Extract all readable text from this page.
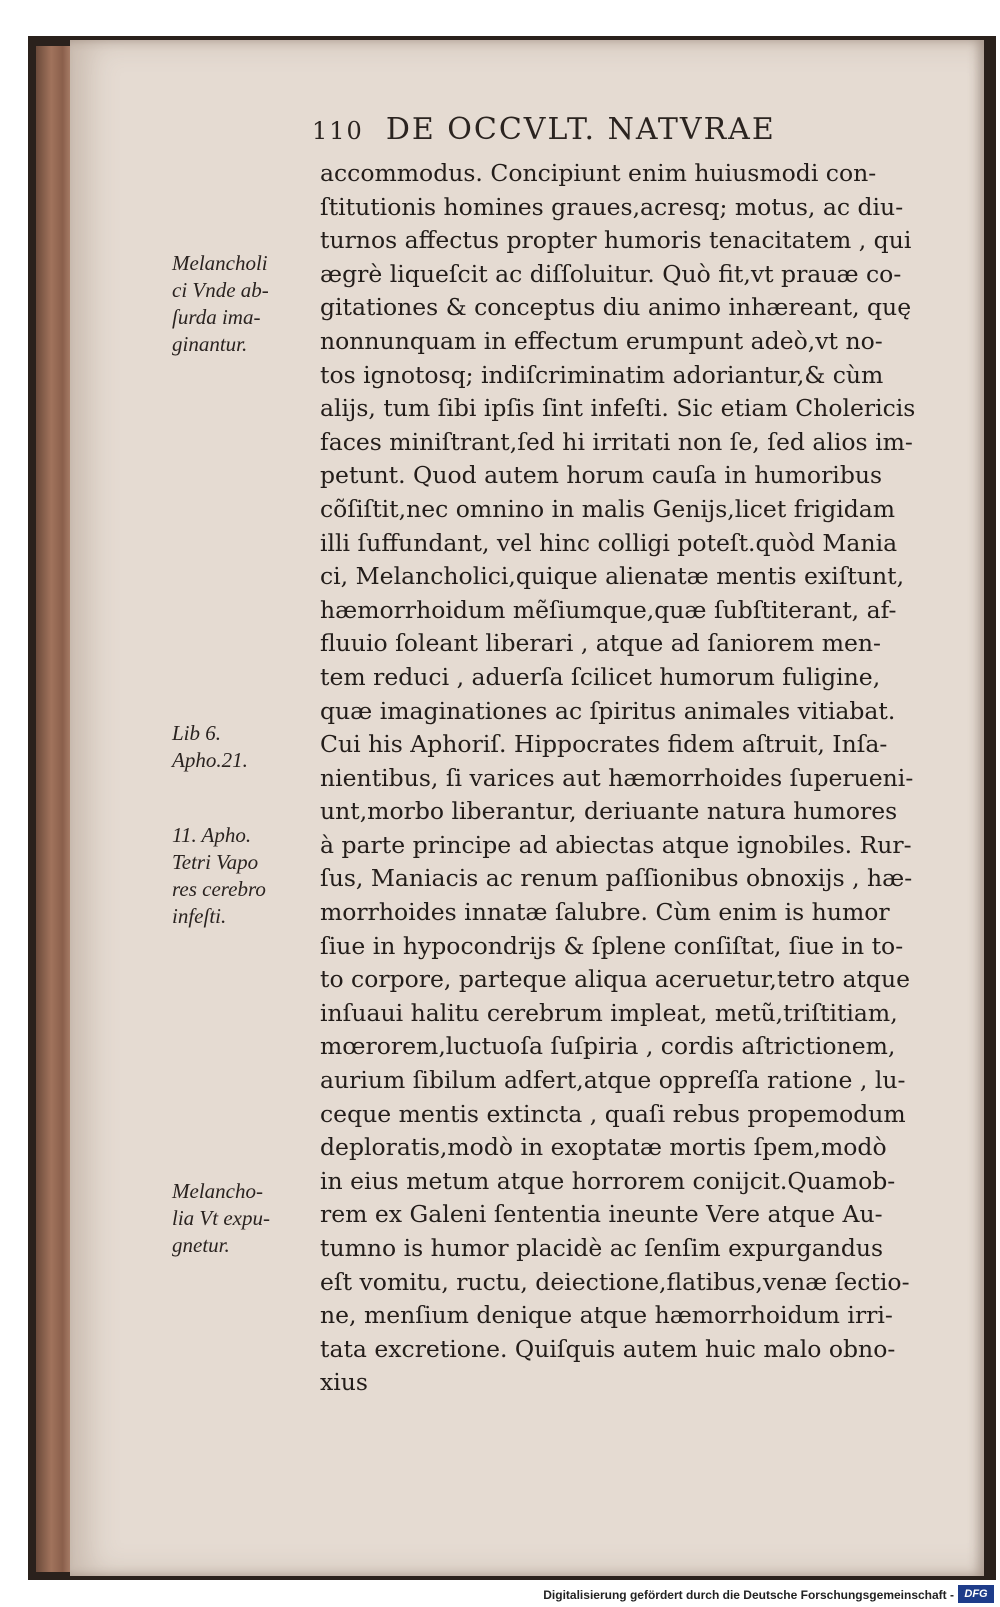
110 DE OCCVLT. NATVRAE
accommodus. Concipiunt enim huiusmodi con-
ſtitutionis homines graues,acresq; motus, ac diu-
turnos affectus propter humoris tenacitatem , qui
ægrè liqueſcit ac diſſoluitur. Quò fit,vt prauæ co-
gitationes & conceptus diu animo inhæreant, quę
nonnunquam in effectum erumpunt adeò,vt no-
tos ignotosq; indiſcriminatim adoriantur,& cùm
alijs, tum ſibi ipſis ſint infeſti. Sic etiam Cholericis
faces miniſtrant,ſed hi irritati non ſe, ſed alios im-
petunt. Quod autem horum cauſa in humoribus
cõſiſtit,nec omnino in malis Genijs,licet frigidam
illi ſuffundant, vel hinc colligi poteſt.quòd Mania
ci, Melancholici,quique alienatæ mentis exiſtunt,
hæmorrhoidum mẽſiumque,quæ ſubſtiterant, af-
fluuio ſoleant liberari , atque ad ſaniorem men-
tem reduci , aduerſa ſcilicet humorum fuligine,
quæ imaginationes ac ſpiritus animales vitiabat.
Cui his Aphoriſ. Hippocrates fidem aſtruit, Inſa-
nientibus, ſi varices aut hæmorrhoides ſuperueni-
unt,morbo liberantur, deriuante natura humores
à parte principe ad abiectas atque ignobiles. Rur-
ſus, Maniacis ac renum paſſionibus obnoxijs , hæ-
morrhoides innatæ ſalubre. Cùm enim is humor
ſiue in hypocondrijs & ſplene conſiſtat, ſiue in to-
to corpore, parteque aliqua aceruetur,tetro atque
inſuaui halitu cerebrum impleat, metũ,triſtitiam,
mœrorem,luctuoſa ſuſpiria , cordis aſtrictionem,
aurium ſibilum adfert,atque oppreſſa ratione , lu-
ceque mentis extincta , quaſi rebus propemodum
deploratis,modò in exoptatæ mortis ſpem,modò
in eius metum atque horrorem conijcit.Quamob-
rem ex Galeni ſententia ineunte Vere atque Au-
tumno is humor placidè ac ſenſim expurgandus
eſt vomitu, ructu, deiectione,flatibus,venæ ſectio-
ne, menſium denique atque hæmorrhoidum irri-
tata excretione. Quiſquis autem huic malo obno-
xius
Melancholi
ci Vnde ab-
ſurda ima-
ginantur.
Lib 6.
Apho.21.
11. Apho.
Tetri Vapo
res cerebro
infeſti.
Melancho-
lia Vt expu-
gnetur.
Digitalisierung gefördert durch die Deutsche Forschungsgemeinschaft - DFG
